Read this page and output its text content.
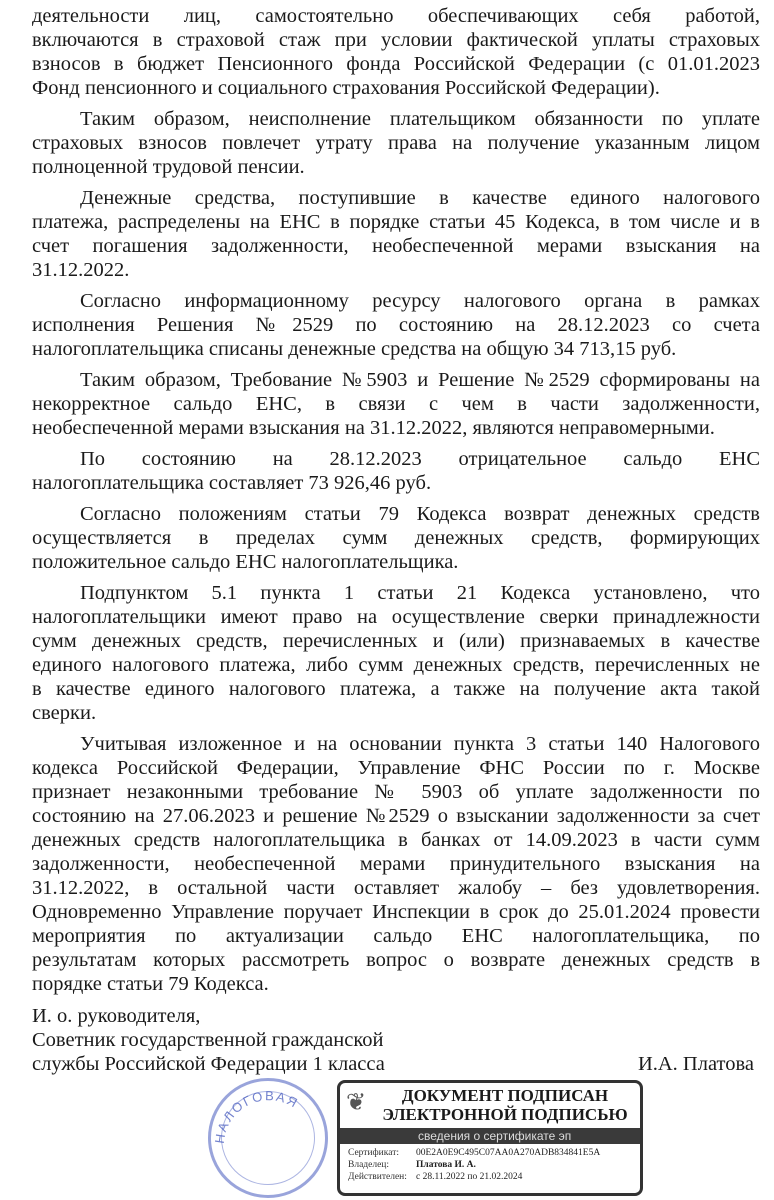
деятельности лиц, самостоятельно обеспечивающих себя работой,
включаются в страховой стаж при условии фактической уплаты страховых
взносов в бюджет Пенсионного фонда Российской Федерации (с 01.01.2023
Фонд пенсионного и социального страхования Российской Федерации).
Таким образом, неисполнение плательщиком обязанности по уплате
страховых взносов повлечет утрату права на получение указанным лицом
полноценной трудовой пенсии.
Денежные средства, поступившие в качестве единого налогового
платежа, распределены на ЕНС в порядке статьи 45 Кодекса, в том числе и в
счет погашения задолженности, необеспеченной мерами взыскания на
31.12.2022.
Согласно информационному ресурсу налогового органа в рамках
исполнения Решения №2529 по состоянию на 28.12.2023 со счета
налогоплательщика списаны денежные средства на общую 34 713,15 руб.
Таким образом, Требование №5903 и Решение №2529 сформированы на
некорректное сальдо ЕНС, в связи с чем в части задолженности,
необеспеченной мерами взыскания на 31.12.2022, являются неправомерными.
По состоянию на 28.12.2023 отрицательное сальдо ЕНС
налогоплательщика составляет 73 926,46 руб.
Согласно положениям статьи 79 Кодекса возврат денежных средств
осуществляется в пределах сумм денежных средств, формирующих
положительное сальдо ЕНС налогоплательщика.
Подпунктом 5.1 пункта 1 статьи 21 Кодекса установлено, что
налогоплательщики имеют право на осуществление сверки принадлежности
сумм денежных средств, перечисленных и (или) признаваемых в качестве
единого налогового платежа, либо сумм денежных средств, перечисленных не
в качестве единого налогового платежа, а также на получение акта такой
сверки.
Учитывая изложенное и на основании пункта 3 статьи 140 Налогового
кодекса Российской Федерации, Управление ФНС России по г. Москве
признает незаконными требование № 5903 об уплате задолженности по
состоянию на 27.06.2023 и решение №2529 о взыскании задолженности за счет
денежных средств налогоплательщика в банках от 14.09.2023 в части сумм
задолженности, необеспеченной мерами принудительного взыскания на
31.12.2022, в остальной части оставляет жалобу – без удовлетворения.
Одновременно Управление поручает Инспекции в срок до 25.01.2024 провести
мероприятия по актуализации сальдо ЕНС налогоплательщика, по
результатам которых рассмотреть вопрос о возврате денежных средств в
порядке статьи 79 Кодекса.
И. о. руководителя,
Советник государственной гражданской
службы Российской Федерации 1 класса	И.А. Платова
НАЛОГОВАЯ ❦	ДОКУМЕНТ ПОДПИСАН
ЭЛЕКТРОННОЙ ПОДПИСЬЮ
сведения о сертификате эп
Сертификат: 00E2A0E9C495C07AA0A270ADB834841E5A
Владелец:	Платова И. А.
Действителен: с 28.11.2022 по 21.02.2024
